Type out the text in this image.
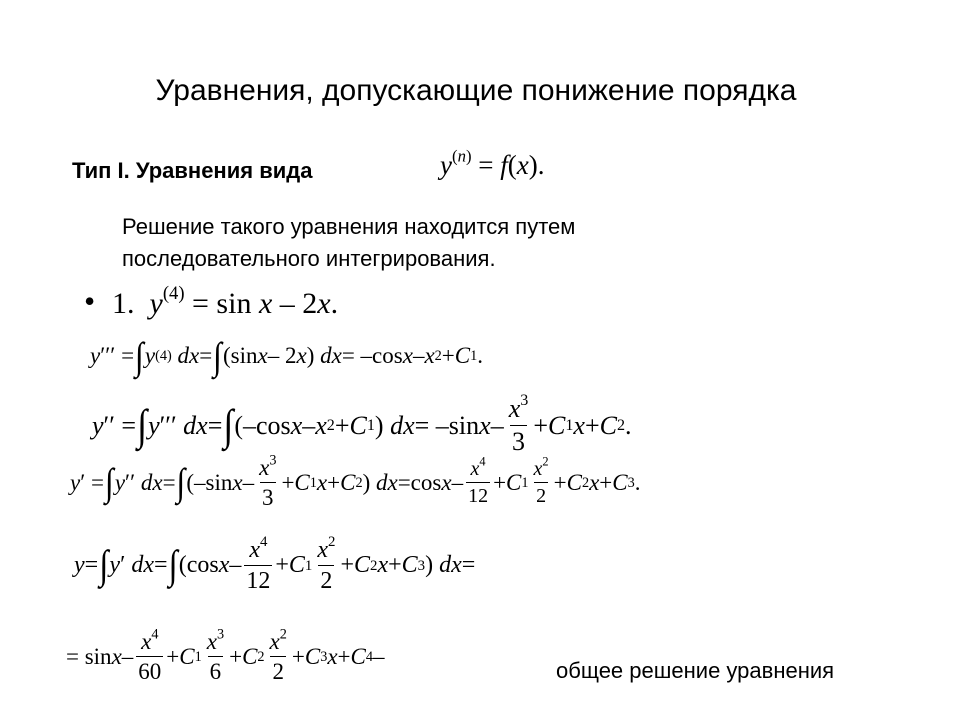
Уравнения, допускающие понижение порядка
Тип I. Уравнения вида	$y^{(n)} = f(x)$.
Решение такого уравнения находится путем
последовательного интегрирования.
• 1. $y^{(4)} = \sin x - 2x$.
y ′′′ = ∫ y (4)
dx = ∫ (sin x – 2 x ) dx = –cos x – x 2 + C 1 .
y ′′ = ∫ y ′′′ dx = ∫ (–cos x – x 2 + C 1 ) dx = –sin $x - \frac{x^3}{3} + C$ 1 x + C 2 .
y ′ = ∫ y ′′ dx = ∫ (–sin $x - \frac{x^3}{3} + C$ 1 x + C 2 ) dx =cos $x - \frac{x^4}{12} + C$ $1 \frac{x^2}{2} + C$ 2 x + C 3 .
y = ∫ y ′ dx = ∫ (cos $x - \frac{x^4}{12} + C$ $1 \frac{x^2}{2} + C$ 2 x + C 3 ) dx =
= $\sin x - \frac{x^4}{60} + C$ $1 \frac{x^3}{6} + C$ $2 \frac{x^2}{2} + C$ 3 x + C 4 –
общее решение уравнения
